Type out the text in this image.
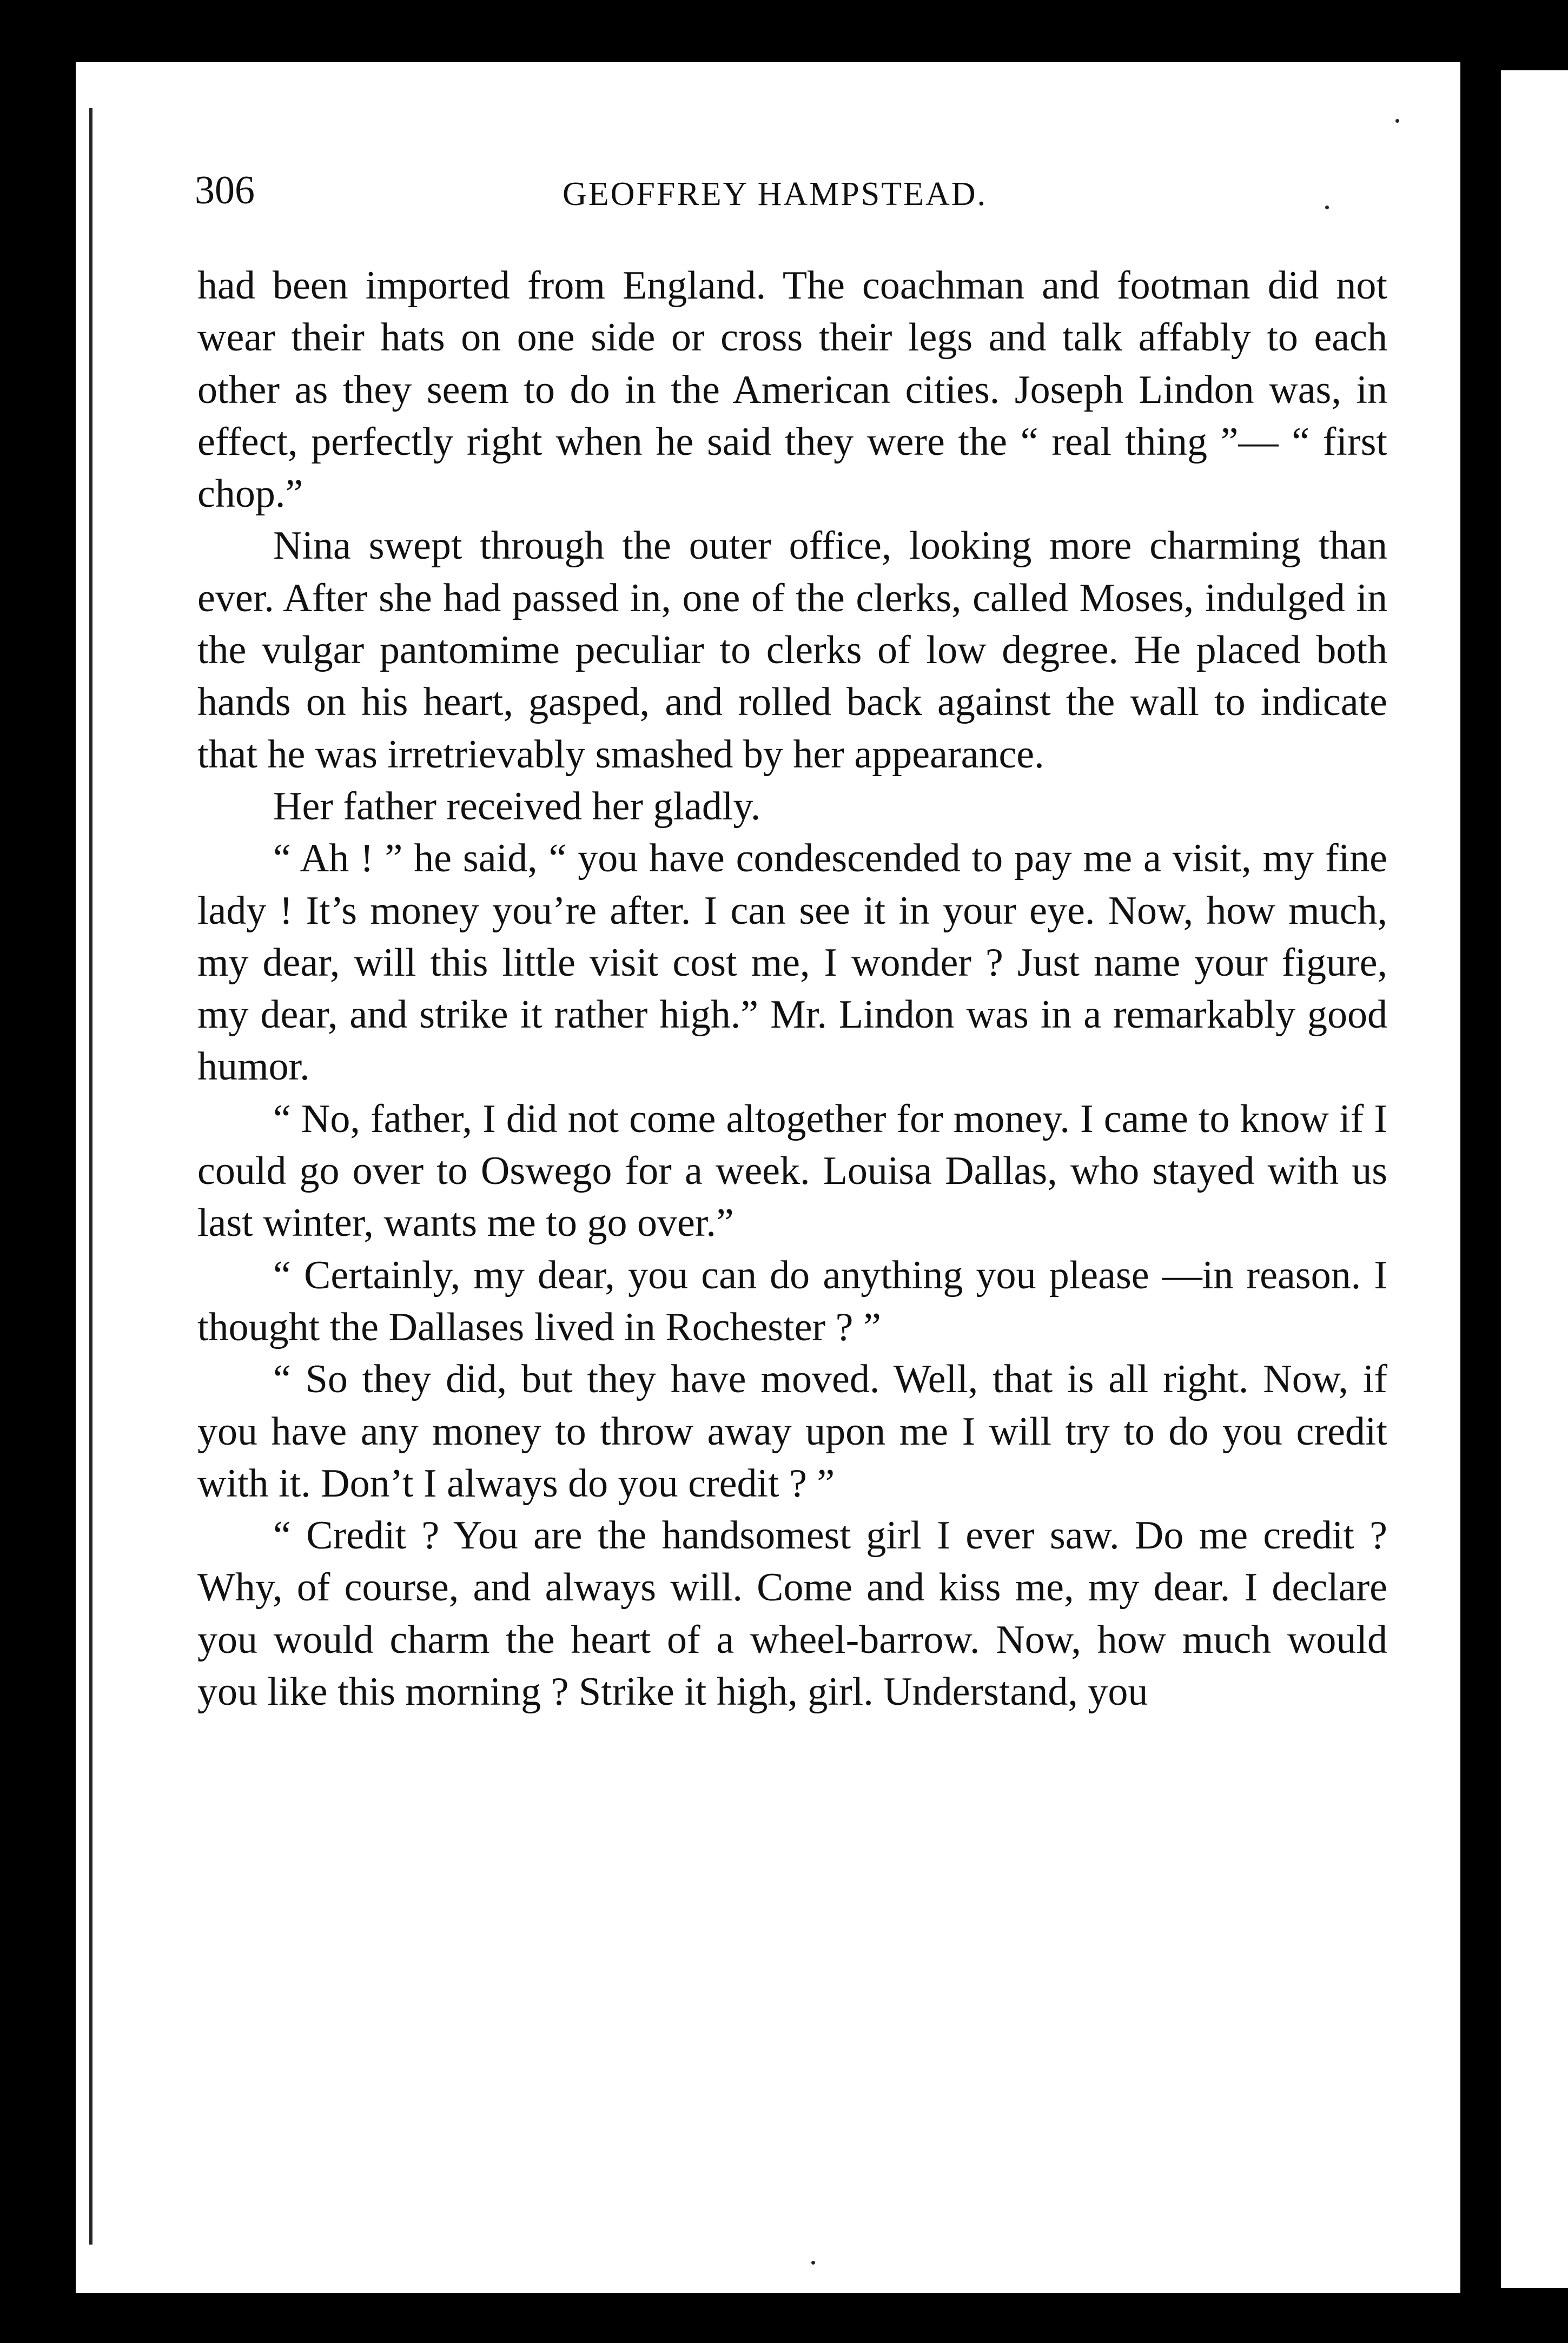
306	GEOFFREY HAMPSTEAD.

had been imported from England. The coachman and footman did not wear their hats on one side or cross their legs and talk affably to each other as they seem to do in the American cities. Joseph Lindon was, in effect, perfectly right when he said they were the “ real thing ”— “ first chop.”

Nina swept through the outer office, looking more charming than ever. After she had passed in, one of the clerks, called Moses, indulged in the vulgar pantomime peculiar to clerks of low degree. He placed both hands on his heart, gasped, and rolled back against the wall to indicate that he was irretrievably smashed by her appearance.

Her father received her gladly.

“ Ah ! ” he said, “ you have condescended to pay me a visit, my fine lady ! It’s money you’re after. I can see it in your eye. Now, how much, my dear, will this little visit cost me, I wonder ? Just name your figure, my dear, and strike it rather high.” Mr. Lindon was in a remarkably good humor.

“ No, father, I did not come altogether for money. I came to know if I could go over to Oswego for a week. Louisa Dallas, who stayed with us last winter, wants me to go over.”

“ Certainly, my dear, you can do anything you please —in reason. I thought the Dallases lived in Rochester ? ”

“ So they did, but they have moved. Well, that is all right. Now, if you have any money to throw away upon me I will try to do you credit with it. Don’t I always do you credit ? ”

“ Credit ? You are the handsomest girl I ever saw. Do me credit ? Why, of course, and always will. Come and kiss me, my dear. I declare you would charm the heart of a wheel-barrow. Now, how much would you like this morning ? Strike it high, girl. Understand, you
